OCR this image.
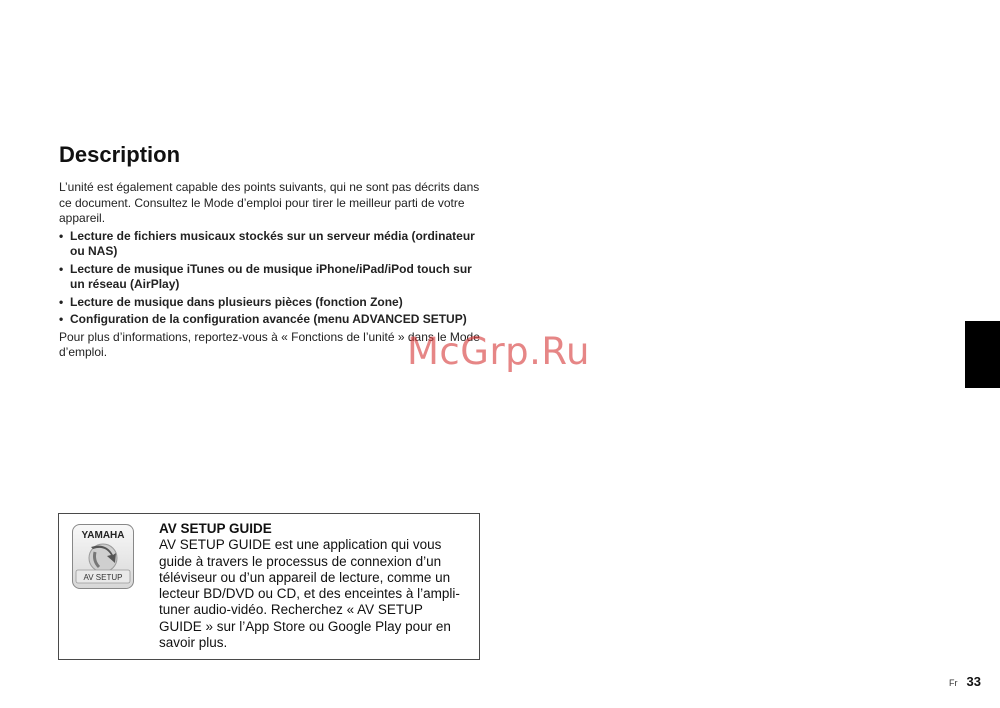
Description

L’unité est également capable des points suivants, qui ne sont pas décrits dans ce document. Consultez le Mode d’emploi pour tirer le meilleur parti de votre appareil.

• Lecture de fichiers musicaux stockés sur un serveur média (ordinateur ou NAS)
• Lecture de musique iTunes ou de musique iPhone/iPad/iPod touch sur un réseau (AirPlay)
• Lecture de musique dans plusieurs pièces (fonction Zone)
• Configuration de la configuration avancée (menu ADVANCED SETUP)

Pour plus d’informations, reportez-vous à « Fonctions de l’unité » dans le Mode d’emploi.	McGrp.Ru
YAMAHA
AV SETUP

AV SETUP GUIDE

AV SETUP GUIDE est une application qui vous guide à travers le processus de connexion d’un téléviseur ou d’un appareil de lecture, comme un lecteur BD/DVD ou CD, et des enceintes à l’ampli-tuner audio-vidéo. Recherchez « AV SETUP GUIDE » sur l’App Store ou Google Play pour en savoir plus.

Fr 33
